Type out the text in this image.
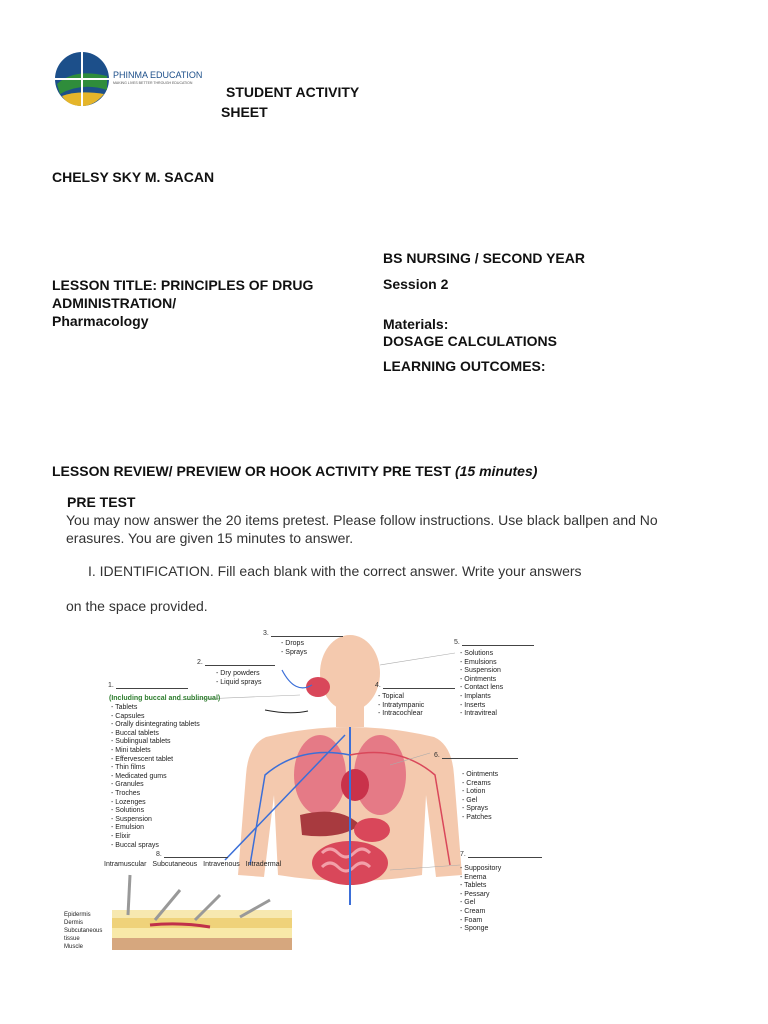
PHINMA EDUCATION
MAKING LIVES BETTER THROUGH EDUCATION
STUDENT ACTIVITY
SHEET
CHELSY SKY M. SACAN
BS NURSING / SECOND YEAR
LESSON TITLE: PRINCIPLES OF DRUG
ADMINISTRATION/
Pharmacology
Session 2
Materials:
DOSAGE CALCULATIONS
LEARNING OUTCOMES:
LESSON REVIEW/ PREVIEW OR HOOK ACTIVITY PRE TEST (15 minutes)
PRE TEST
You may now answer the 20 items pretest. Please follow instructions. Use black ballpen and No
erasures. You are given 15 minutes to answer.
I. IDENTIFICATION. Fill each blank with the correct answer. Write your answers
on the space provided.
1.
(Including buccal and sublingual)
- Tablets
- Capsules
- Orally disintegrating tablets
- Buccal tablets
- Sublingual tablets
- Mini tablets
- Effervescent tablet
- Thin films
- Medicated gums
- Granules
- Troches
- Lozenges
- Solutions
- Suspension
- Emulsion
- Elixir
- Buccal sprays
2.
- Dry powders
- Liquid sprays
3.
- Drops
- Sprays
4.
- Topical
- Intratympanic
- Intracochlear
5.
- Solutions
- Emulsions
- Suspension
- Ointments
- Contact lens
- Implants
- Inserts
- Intravitreal
6.
- Ointments
- Creams
- Lotion
- Gel
- Sprays
- Patches
7.
- Suppository
- Enema
- Tablets
- Pessary
- Gel
- Cream
- Foam
- Sponge
8.
Intramuscular Subcutaneous Intravenous Intradermal
Epidermis
Dermis
Subcutaneous
tissue
Muscle
